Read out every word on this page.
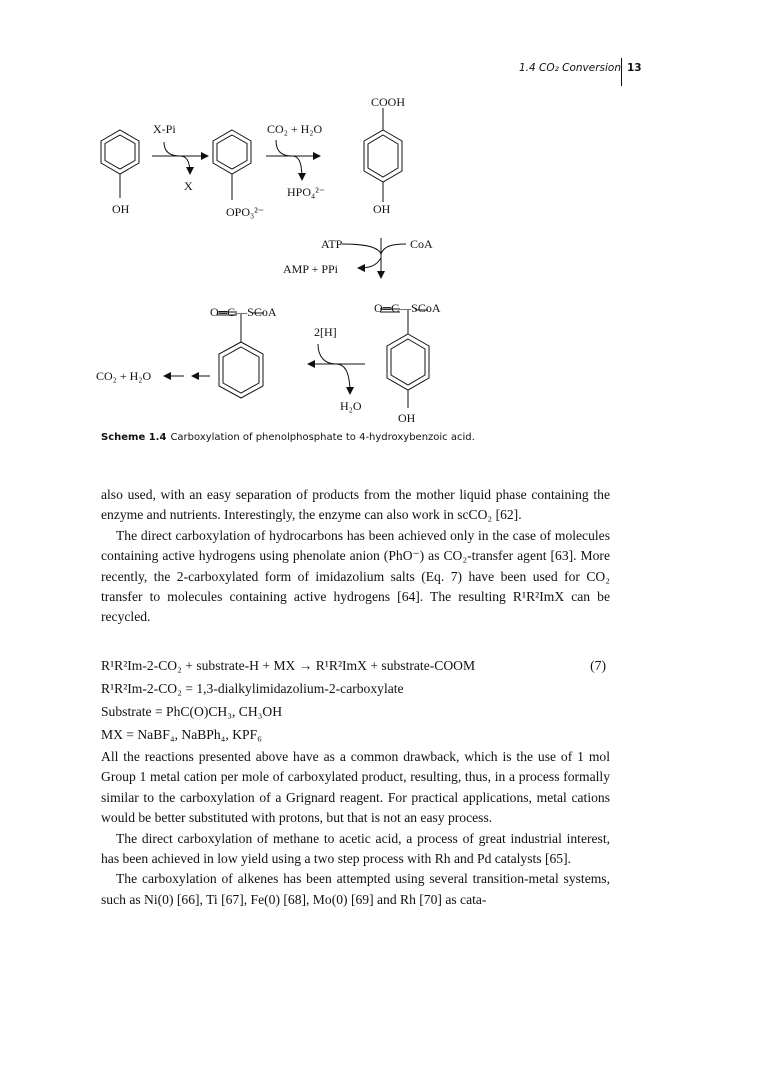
1.4 CO₂ Conversion 13
X-Pi
X
OH	OPO₃²⁻
CO₂ + H₂O
HPO₄²⁻
COOH
OH
ATP	CoA
AMP + PPi
O═C—SCoA
O═C—SCoA
2[H]
H₂O
CO₂ + H₂O
OH
Scheme 1.4 Carboxylation of phenolphosphate to 4-hydroxybenzoic acid.

also used, with an easy separation of products from the mother liquid phase containing the enzyme and nutrients. Interestingly, the enzyme can also work in scCO₂ [62].

The direct carboxylation of hydrocarbons has been achieved only in the case of molecules containing active hydrogens using phenolate anion (PhO⁻) as CO₂-transfer agent [63]. More recently, the 2-carboxylated form of imidazolium salts (Eq. 7) have been used for CO₂ transfer to molecules containing active hydrogens [64]. The resulting R¹R²ImX can be recycled.

R¹R²Im-2-CO₂ + substrate-H + MX → R¹R²ImX + substrate-COOM	(7)
R¹R²Im-2-CO₂ = 1,3-dialkylimidazolium-2-carboxylate
Substrate = PhC(O)CH₃, CH₃OH
MX = NaBF₄, NaBPh₄, KPF₆

All the reactions presented above have as a common drawback, which is the use of 1 mol Group 1 metal cation per mole of carboxylated product, resulting, thus, in a process formally similar to the carboxylation of a Grignard reagent. For practical applications, metal cations would be better substituted with protons, but that is not an easy process.

The direct carboxylation of methane to acetic acid, a process of great industrial interest, has been achieved in low yield using a two step process with Rh and Pd catalysts [65].

The carboxylation of alkenes has been attempted using several transition-metal systems, such as Ni(0) [66], Ti [67], Fe(0) [68], Mo(0) [69] and Rh [70] as cata-
